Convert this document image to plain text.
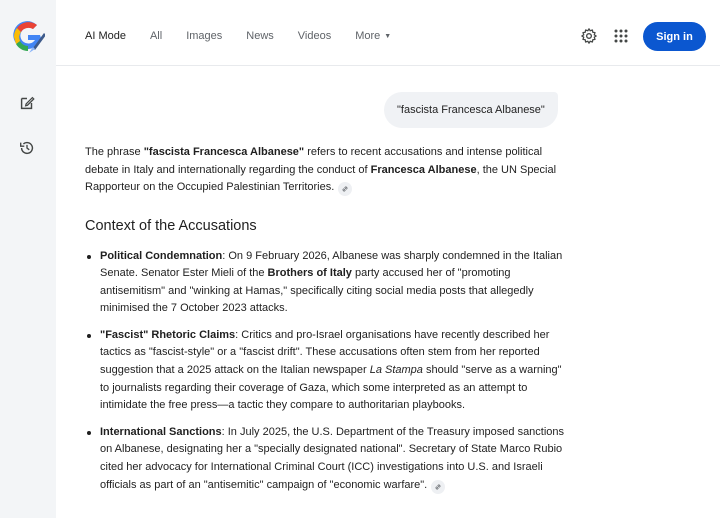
AI Mode All Images News Videos More ▼	Sign in
"fascista Francesca Albanese"

The phrase "fascista Francesca Albanese" refers to recent accusations and intense political debate in Italy and internationally regarding the conduct of Francesca Albanese, the UN Special Rapporteur on the Occupied Palestinian Territories.

Context of the Accusations
Political Condemnation: On 9 February 2026, Albanese was sharply condemned in the Italian Senate. Senator Ester Mieli of the Brothers of Italy party accused her of "promoting antisemitism" and "winking at Hamas," specifically citing social media posts that allegedly minimised the 7 October 2023 attacks.
"Fascist" Rhetoric Claims: Critics and pro-Israel organisations have recently described her tactics as "fascist-style" or a "fascist drift". These accusations often stem from her reported suggestion that a 2025 attack on the Italian newspaper La Stampa should "serve as a warning" to journalists regarding their coverage of Gaza, which some interpreted as an attempt to intimidate the free press—a tactic they compare to authoritarian playbooks.
International Sanctions: In July 2025, the U.S. Department of the Treasury imposed sanctions on Albanese, designating her a "specially designated national". Secretary of State Marco Rubio cited her advocacy for International Criminal Court (ICC) investigations into U.S. and Israeli officials as part of an "antisemitic" campaign of "economic warfare".
